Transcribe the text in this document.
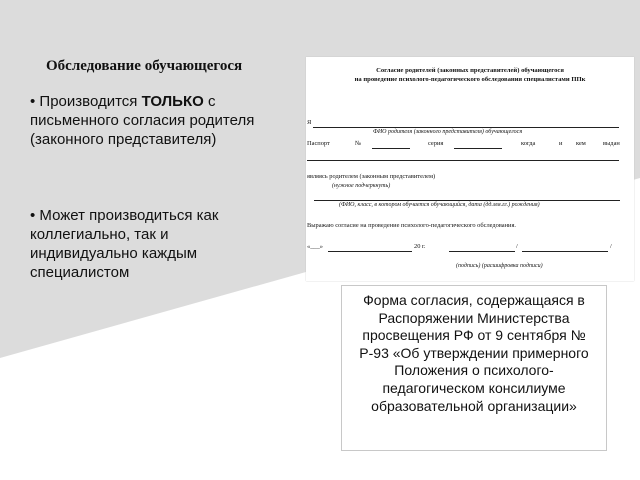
Обследование обучающегося
• Производится ТОЛЬКО с письменного согласия родителя (законного представителя)
• Может производиться как коллегиально, так и индивидуально каждым специалистом
Согласие родителей (законных представителей) обучающегося
на проведение психолого-педагогического обследования специалистами ППк
Я
ФИО родителя (законного представителя) обучающегося
Паспорт	№	серия	когда	и кем	выдан
являясь родителем (законным представителем)
(нужное подчеркнуть)
(ФИО, класс, в котором обучается обучающийся, дата (дд.мм.гг.) рождения)
Выражаю согласие на проведение психолого-педагогического обследования.
«___»	20 г.	/	/
(подпись) (расшифровка подписи)
Форма согласия, содержащаяся в Распоряжении Министерства просвещения РФ от 9 сентября № Р-93 «Об утверждении примерного Положения о психолого-педагогическом консилиуме образовательной организации»
